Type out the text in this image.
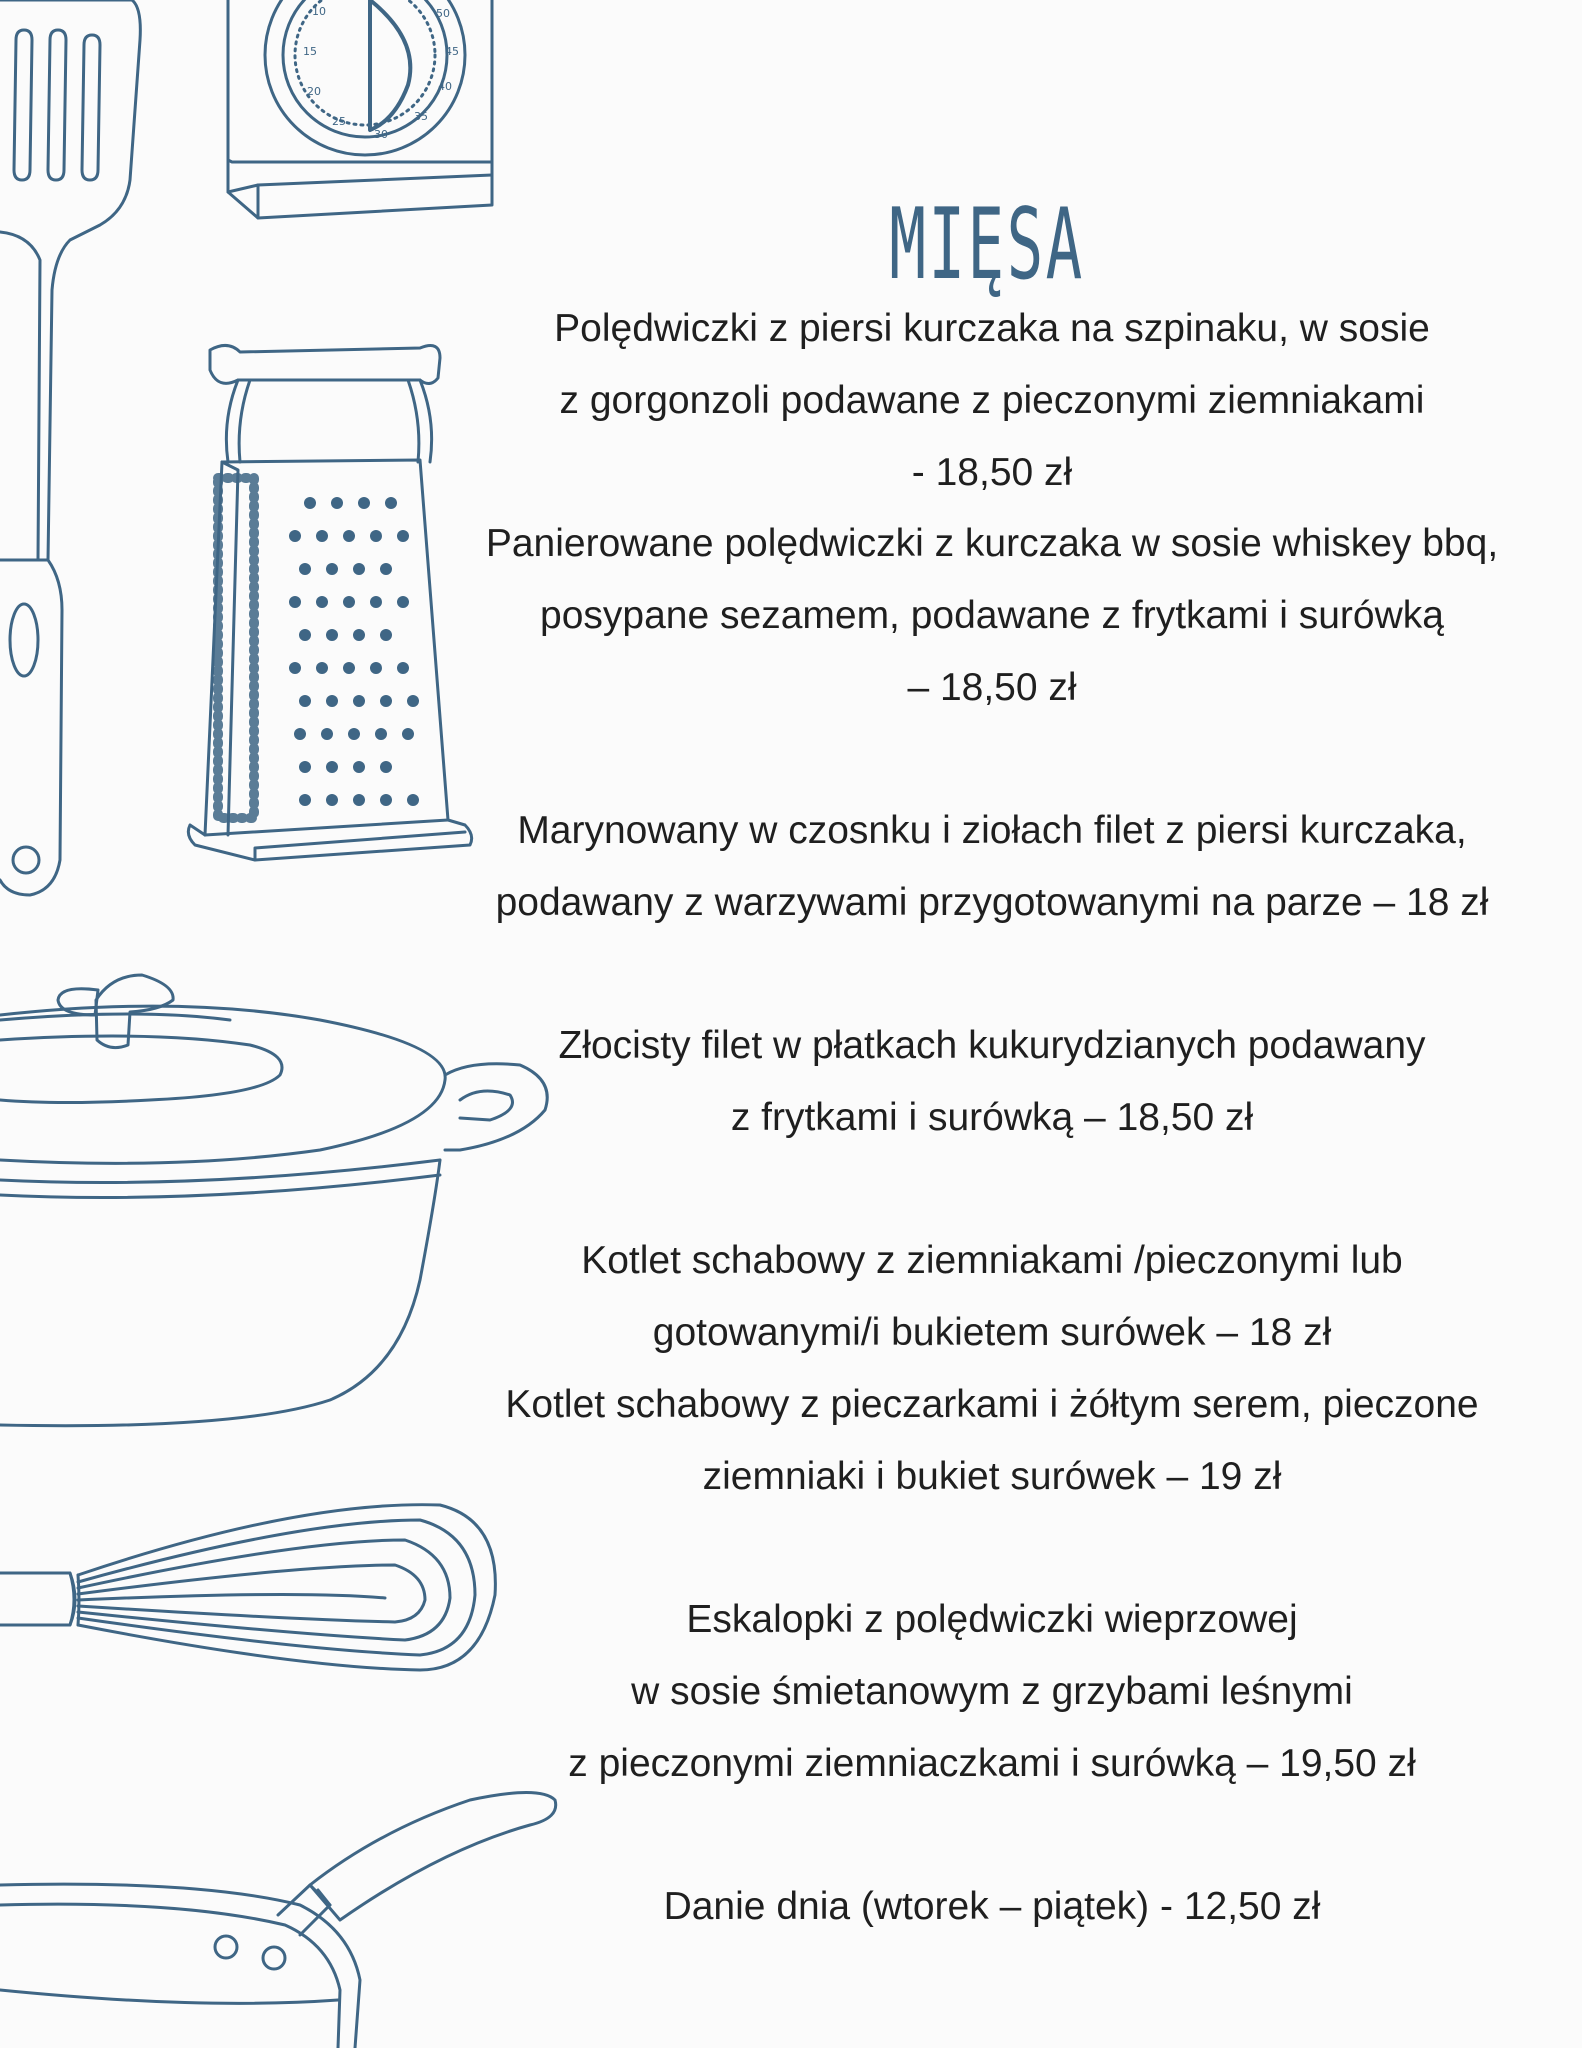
10
15
20
25
30
35
40
45
50
MIĘSA

Polędwiczki z piersi kurczaka na szpinaku, w sosie

z gorgonzoli podawane z pieczonymi ziemniakami

- 18,50 zł

Panierowane polędwiczki z kurczaka w sosie whiskey bbq,

posypane sezamem, podawane z frytkami i surówką

– 18,50 zł

Marynowany w czosnku i ziołach filet z piersi kurczaka,

podawany z warzywami przygotowanymi na parze – 18 zł

Złocisty filet w płatkach kukurydzianych podawany

z frytkami i surówką – 18,50 zł

Kotlet schabowy z ziemniakami /pieczonymi lub

gotowanymi/i bukietem surówek – 18 zł

Kotlet schabowy z pieczarkami i żółtym serem, pieczone

ziemniaki i bukiet surówek – 19 zł

Eskalopki z polędwiczki wieprzowej

w sosie śmietanowym z grzybami leśnymi

z pieczonymi ziemniaczkami i surówką – 19,50 zł

Danie dnia (wtorek – piątek) - 12,50 zł
